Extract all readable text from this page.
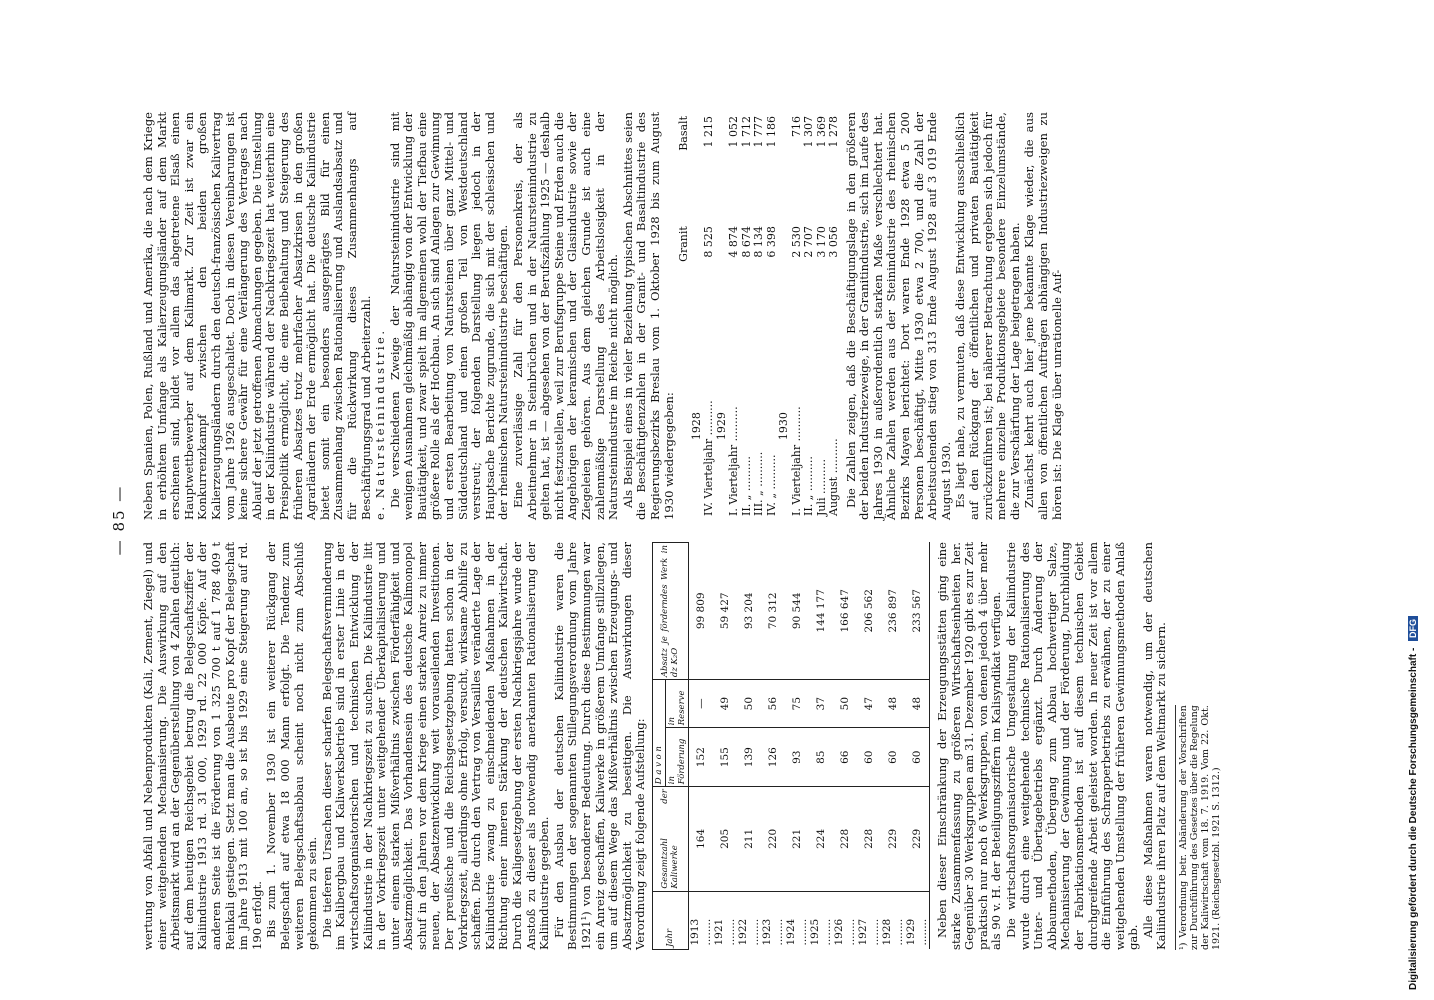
— 85 —

wertung von Abfall und Nebenprodukten (Kali, Zement, Ziegel) und einer weitgehenden Mechanisierung. Die Auswirkung auf den Arbeitsmarkt wird an der Gegenüberstellung von 4 Zahlen deutlich: auf dem heutigen Reichsgebiet betrug die Belegschaftsziffer der Kaliindustrie 1913 rd. 31 000, 1929 rd. 22 000 Köpfe. Auf der anderen Seite ist die Förderung von 1 325 700 t auf 1 788 409 t Reinkali gestiegen. Setzt man die Ausbeute pro Kopf der Belegschaft im Jahre 1913 mit 100 an, so ist bis 1929 eine Steigerung auf rd. 190 erfolgt. Bis zum 1. November 1930 ist ein weiterer Rückgang der Belegschaft auf etwa 18 000 Mann erfolgt. Die Tendenz zum weiteren Belegschaftsabbau scheint noch nicht zum Abschluß gekommen zu sein. Die tieferen Ursachen dieser scharfen Belegschaftsverminderung im Kalibergbau und Kaliwerksbetrieb sind in erster Linie in der wirtschaftsorganisatorischen und technischen Entwicklung der Kaliindustrie in der Nachkriegszeit zu suchen. Die Kaliindustrie litt in der Vorkriegszeit unter weitgehender Überkapitalisierung und unter einem starken Mißverhältnis zwischen Förderfähigkeit und Absatzmöglichkeit. Das Vorhandensein des deutsche Kalimonopol schuf in den Jahren vor dem Kriege einen starken Anreiz zu immer neuen, der Absatzentwicklung weit vorauseilenden Investitionen. Der preußische und die Reichsgesetzgebung hatten schon in der Vorkriegszeit, allerdings ohne Erfolg, versucht, wirksame Abhilfe zu schaffen. Die durch den Vertrag von Versailles veränderte Lage der Kaliindustrie zwang zu einschneidenden Maßnahmen in der Richtung einer inneren Stärkung der deutschen Kaliwirtschaft. Durch die Kaligesetzgebung der ersten Nachkriegsjahre wurde der Anstoß zu dieser als notwendig anerkannten Rationalisierung der Kaliindustrie gegeben. Für den Ausbau der deutschen Kaliindustrie waren die Bestimmungen der sogenannten Stillegungsverordnung vom Jahre 1921¹) von besonderer Bedeutung. Durch diese Bestimmungen war ein Anreiz geschaffen, Kaliwerke in größerem Umfange stillzulegen, um auf diesem Wege das Mißverhältnis zwischen Erzeugungs- und Absatzmöglichkeit zu beseitigen. Die Auswirkungen dieser Verordnung zeigt folgende Aufstellung: Jahr	Gesamtzahl der Kaliwerke	D a v o n		Absatz je förderndes Werk in dz K₂O
		in Förderung	in Reserve	
1913 ........	164	152	—	99 809
1921 ........	205	155	49	59 427
1922 ........	211	139	50	93 204
1923 ........	220	126	56	70 312
1924 ........	221	93	75	90 544
1925 ........	224	85	37	144 177
1926 ........	228	66	50	166 647
1927 ........	228	60	47	206 562
1928 ........	229	60	48	236 897
1929 ........	229	60	48	233 567 Neben dieser Einschränkung der Erzeugungsstätten ging eine starke Zusammenfassung zu größeren Wirtschaftseinheiten her. Gegenüber 30 Werksgruppen am 31. Dezember 1920 gibt es zur Zeit praktisch nur noch 6 Werksgruppen, von denen jedoch 4 über mehr als 90 v. H. der Beteiligungsziffern im Kalisyndikat verfügen. Die wirtschaftsorganisatorische Umgestaltung der Kaliindustrie wurde durch eine weitgehende technische Rationalisierung des Unter- und Übertagebetriebs ergänzt. Durch Änderung der Abbaumethoden, Übergang zum Abbau hochwertiger Salze, Mechanisierung der Gewinnung und der Förderung, Durchbildung der Fabrikationsmethoden ist auf diesem technischen Gebiet durchgreifende Arbeit geleistet worden. In neuer Zeit ist vor allem die Einführung des Schrapperbetriebs zu erwähnen, der zu einer weitgehenden Umstellung der früheren Gewinnungsmethoden Anlaß gab. Alle diese Maßnahmen waren notwendig, um der deutschen Kaliindustrie ihren Platz auf dem Weltmarkt zu sichern.	¹) Verordnung betr. Abänderung der Vorschriften zur Durchführung des Gesetzes über die Regelung der Kaliwirtschaft vom 18. 7. 1919. Vom 22. Okt. 1921. (Reichsgesetzbl. 1921 S. 1312.)

Neben Spanien, Polen, Rußland und Amerika, die nach dem Kriege in erhöhtem Umfange als Kalierzeugungsländer auf dem Markt erschienen sind, bildet vor allem das abgetretene Elsaß einen Hauptwettbewerber auf dem Kalimarkt. Zur Zeit ist zwar ein Konkurrenzkampf zwischen den beiden großen Kalierzeugungsländern durch den deutsch-französischen Kalivertrag vom Jahre 1926 ausgeschaltet. Doch in diesen Vereinbarungen ist keine sichere Gewähr für eine Verlängerung des Vertrages nach Ablauf der jetzt getroffenen Abmachungen gegeben. Die Umstellung in der Kaliindustrie während der Nachkriegszeit hat weiterhin eine Preispolitik ermöglicht, die eine Beibehaltung und Steigerung des früheren Absatzes trotz mehrfacher Absatzkrisen in den großen Agrarländern der Erde ermöglicht hat. Die deutsche Kaliindustrie bietet somit ein besonders ausgeprägtes Bild für einen Zusammenhang zwischen Rationalisierung und Auslandsabsatz und für die Rückwirkung dieses Zusammenhangs auf Beschäftigungsgrad und Arbeiterzahl. e. Natursteinindustrie. Die verschiedenen Zweige der Natursteinindustrie sind mit wenigen Ausnahmen gleichmäßig abhängig von der Entwicklung der Bautätigkeit, und zwar spielt im allgemeinen wohl der Tiefbau eine größere Rolle als der Hochbau. An sich sind Anlagen zur Gewinnung und ersten Bearbeitung von Natursteinen über ganz Mittel- und Süddeutschland und einen großen Teil von Westdeutschland verstreut; der folgenden Darstellung liegen jedoch in der Hauptsache Berichte zugrunde, die sich mit der schlesischen und der rheinischen Natursteinindustrie beschäftigen. Eine zuverlässige Zahl für den Personenkreis, der als Arbeitnehmer in Steinbrüchen und in der Natursteinindustrie zu gelten hat, ist — abgesehen von der Berufszählung 1925 — deshalb nicht festzustellen, weil zur Berufsgruppe Steine und Erden auch die Angehörigen der keramischen und der Glasindustrie sowie der Ziegeleien gehören. Aus dem gleichen Grunde ist auch eine zahlenmäßige Darstellung des Arbeitslosigkeit in der Natursteinindustrie im Reiche nicht möglich. Als Beispiel eines in vieler Beziehung typischen Abschnittes seien die Beschäftigtenzahlen in der Granit- und Basaltindustrie des Regierungsbezirks Breslau vom 1. Oktober 1928 bis zum August 1930 wiedergegeben:

	Granit	Basalt
1928		
IV. Vierteljahr ..........	8 525	1 215
1929		
I. Vierteljahr ..........	4 874	1 052
II. „ ..........	8 674	1 712
III. „ ..........	8 134	1 777
IV. „ ..........	6 398	1 186
1930		
I. Vierteljahr ..........	2 530	716
II. „ ..........	2 707	1 307
Juli ..........	3 170	1 369
August ..........	3 056	1 278 Die Zahlen zeigen, daß die Beschäftigungslage in den größeren der beiden Industriezweige, in der Granitindustrie, sich im Laufe des Jahres 1930 in außerordentlich starken Maße verschlechtert hat. Ähnliche Zahlen werden aus der Steinindustrie des rheinischen Bezirks Mayen berichtet: Dort waren Ende 1928 etwa 5 200 Personen beschäftigt, Mitte 1930 etwa 2 700, und die Zahl der Arbeitsuchenden stieg von 313 Ende August 1928 auf 3 019 Ende August 1930. Es liegt nahe, zu vermuten, daß diese Entwicklung ausschließlich auf den Rückgang der öffentlichen und privaten Bautätigkeit zurückzuführen ist; bei näherer Betrachtung ergeben sich jedoch für mehrere einzelne Produktionsgebiete besondere Einzelumstände, die zur Verschärfung der Lage beigetragen haben. Zunächst kehrt auch hier jene bekannte Klage wieder, die aus allen von öffentlichen Aufträgen abhängigen Industriezweigen zu hören ist: Die Klage über unrationelle Auf-

Digitalisierung gefördert durch die Deutsche Forschungsgemeinschaft - DFG
